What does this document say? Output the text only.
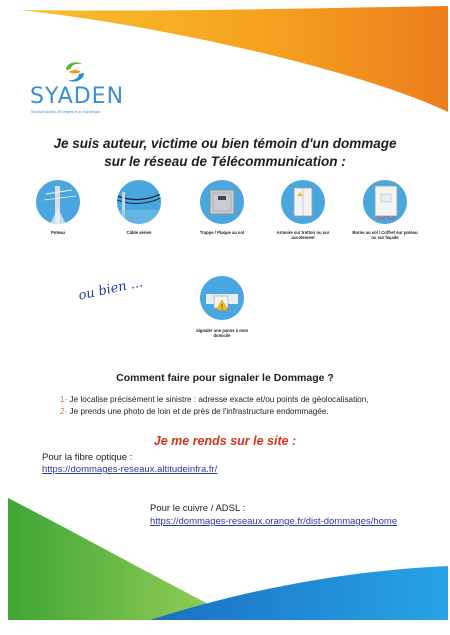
SYADEN
Syndicat Audois d'Énergies et du Numérique
Je suis auteur, victime ou bien témoin d'un dommage
sur le réseau de Télécommunication :
Poteau	Câble aérien	Trappe / Plaque au sol	Armoire sur trottoir ou sur accotement
Borne au sol / Coffret sur poteau ou sur façade
ou bien ...
!
Signaler une panne à mon domicile
Comment faire pour signaler le Dommage ?
1- Je localise précisément le sinistre : adresse exacte et/ou points de géolocalisation,
2- Je prends une photo de loin et de près de l'infrastructure endommagée.
Je me rends sur le site :
Pour la fibre optique :
https://dommages-reseaux.altitudeinfra.fr/
Pour le cuivre / ADSL :
https://dommages-reseaux.orange.fr/dist-dommages/home
